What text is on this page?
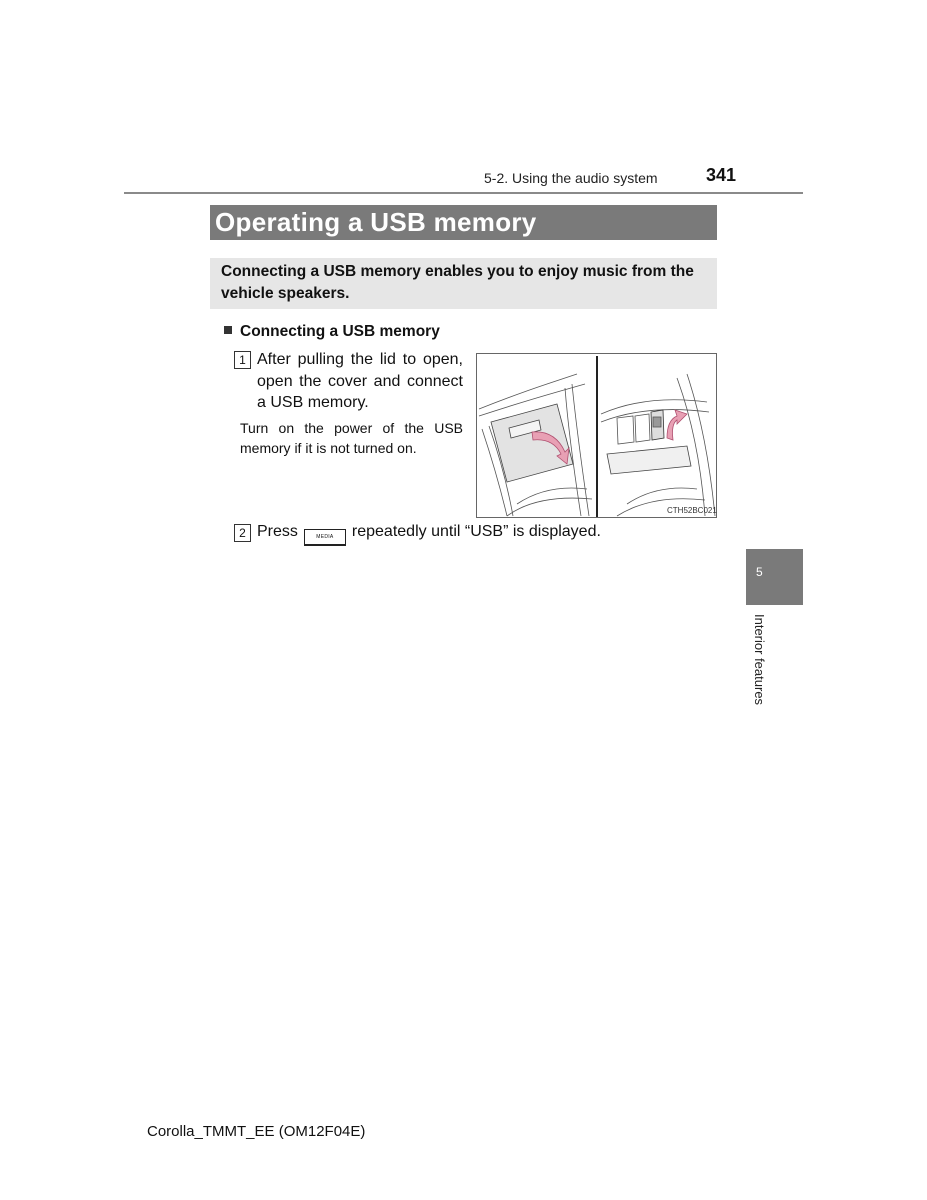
5-2. Using the audio system	341
Operating a USB memory
Connecting a USB memory enables you to enjoy music from the vehicle speakers.
Connecting a USB memory
1 After pulling the lid to open, open the cover and connect a USB memory.
Turn on the power of the USB memory if it is not turned on.
CTH52BC021
2 Press	MEDIA repeatedly until “USB” is displayed.
5
Interior features
Corolla_TMMT_EE (OM12F04E)
